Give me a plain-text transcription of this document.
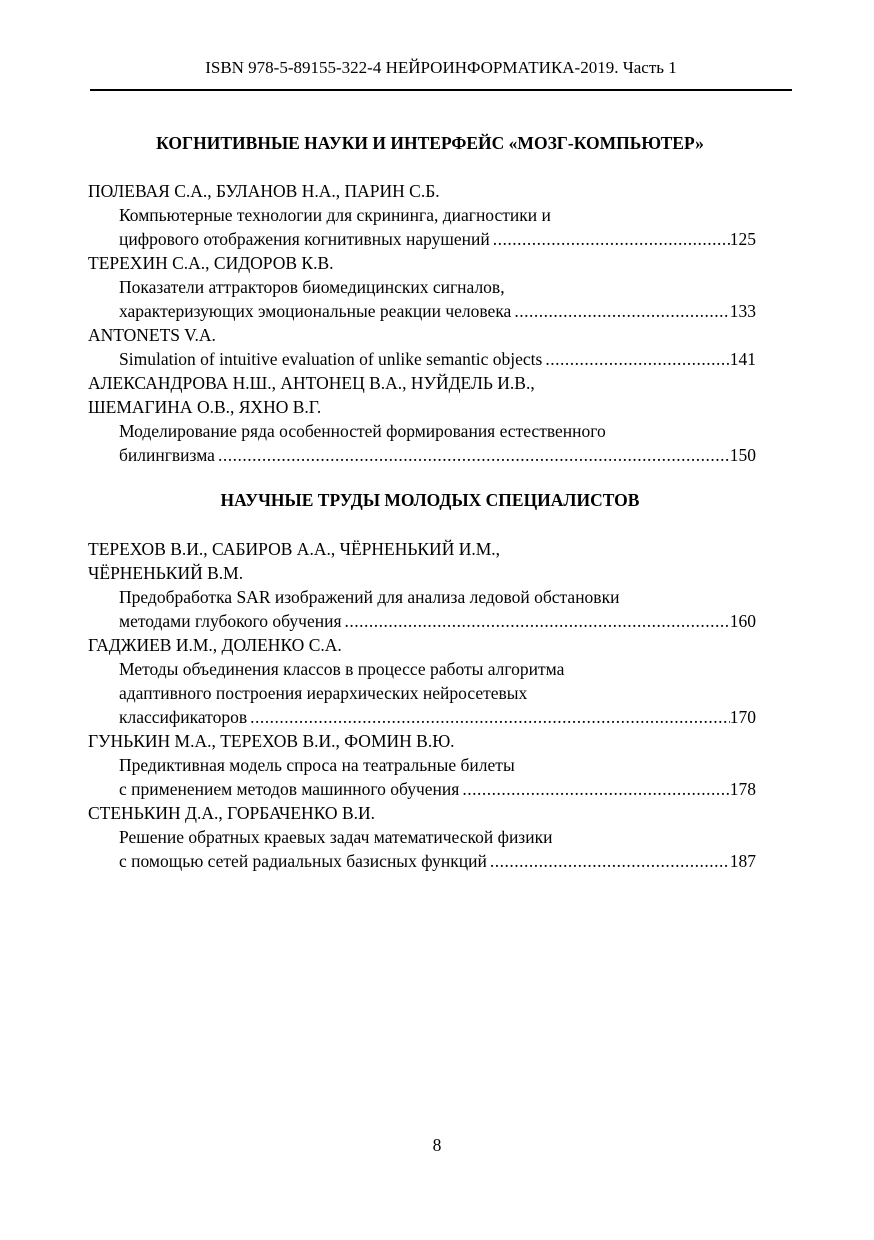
ISBN 978-5-89155-322-4 НЕЙРОИНФОРМАТИКА-2019. Часть 1
КОГНИТИВНЫЕ НАУКИ И ИНТЕРФЕЙС «МОЗГ-КОМПЬЮТЕР»
ПОЛЕВАЯ С.А., БУЛАНОВ Н.А., ПАРИН С.Б.
Компьютерные технологии для скрининга, диагностики и
цифрового отображения когнитивных нарушений .....	125
ТЕРЕХИН С.А., СИДОРОВ К.В.
Показатели аттракторов биомедицинских сигналов,
характеризующих эмоциональные реакции человека .....	133
ANTONETS V.A.
Simulation of intuitive evaluation of unlike semantic objects .....	141
АЛЕКСАНДРОВА Н.Ш., АНТОНЕЦ В.А., НУЙДЕЛЬ И.В.,
ШЕМАГИНА О.В., ЯХНО В.Г.
Моделирование ряда особенностей формирования естественного
билингвизма .....	150
НАУЧНЫЕ ТРУДЫ МОЛОДЫХ СПЕЦИАЛИСТОВ
ТЕРЕХОВ В.И., САБИРОВ А.А., ЧЁРНЕНЬКИЙ И.М.,
ЧЁРНЕНЬКИЙ В.М.
Предобработка SAR изображений для анализа ледовой обстановки
методами глубокого обучения .....	160
ГАДЖИЕВ И.М., ДОЛЕНКО С.А.
Методы объединения классов в процессе работы алгоритма
адаптивного построения иерархических нейросетевых
классификаторов .....	170
ГУНЬКИН М.А., ТЕРЕХОВ В.И., ФОМИН В.Ю.
Предиктивная модель спроса на театральные билеты
с применением методов машинного обучения .....	178
СТЕНЬКИН Д.А., ГОРБАЧЕНКО В.И.
Решение обратных краевых задач математической физики
с помощью сетей радиальных базисных функций .....	187
8
